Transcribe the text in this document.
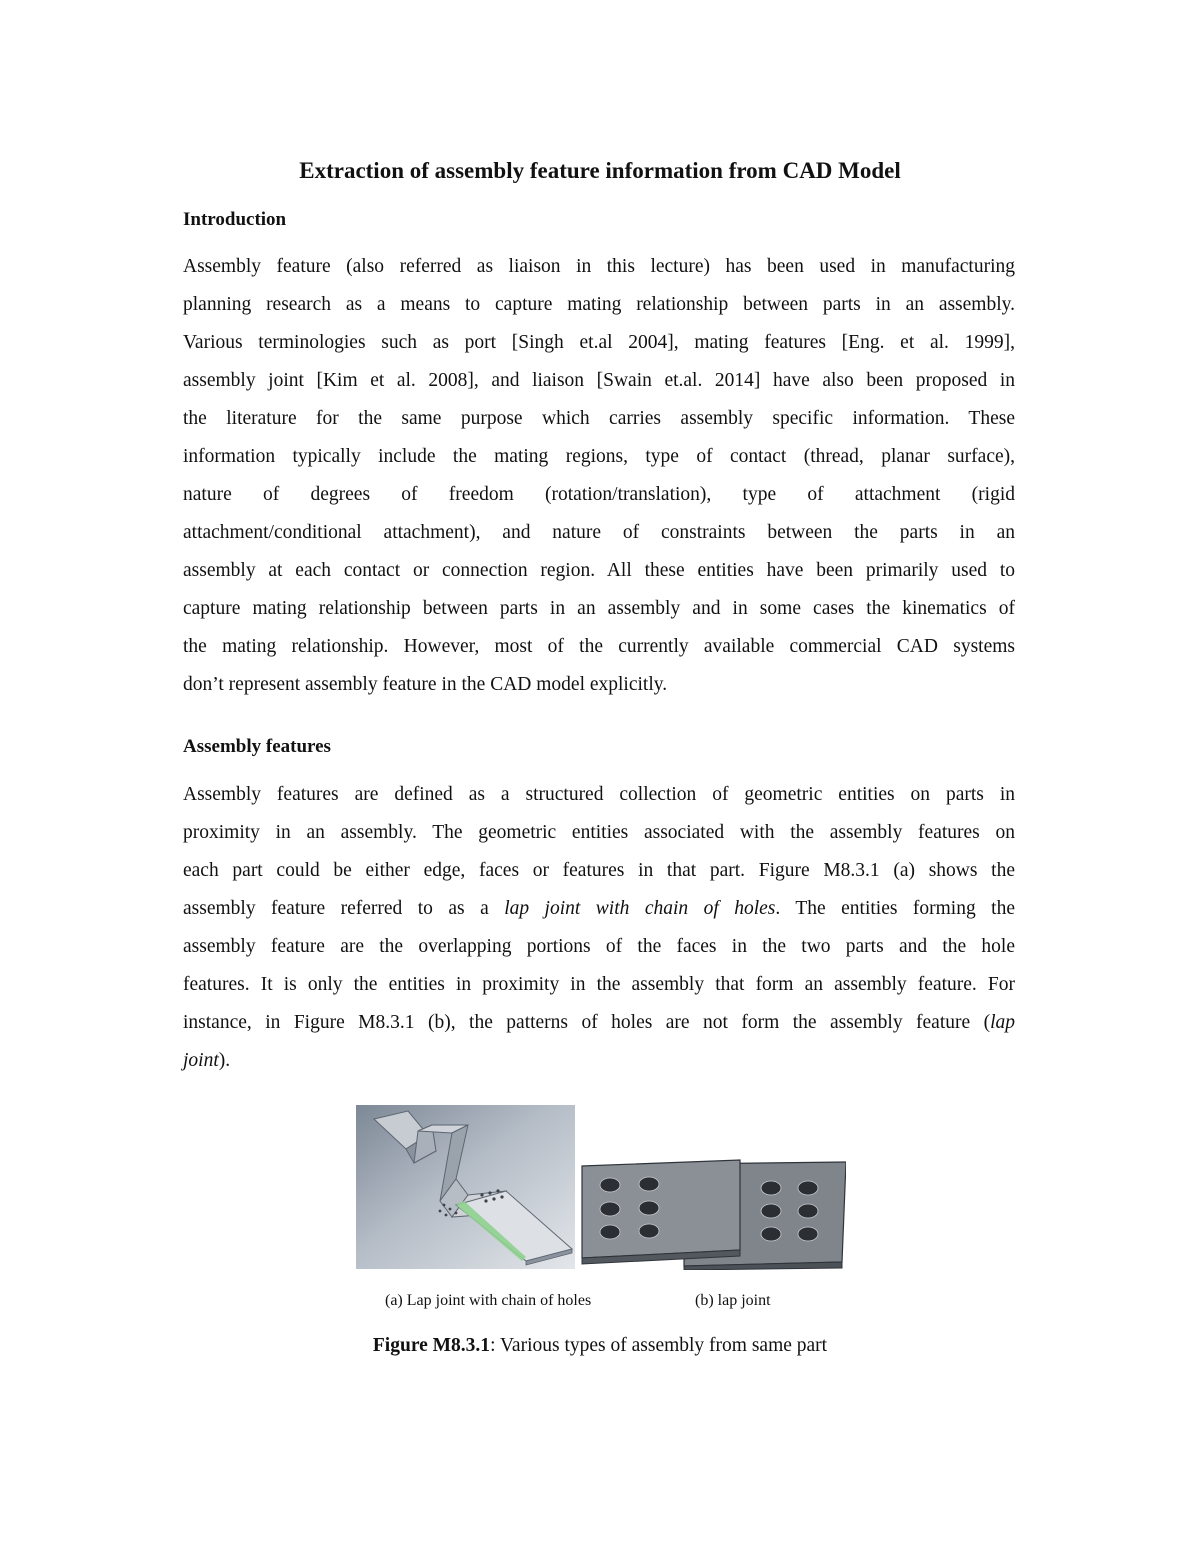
Extraction of assembly feature information from CAD Model
Introduction
Assembly feature (also referred as liaison in this lecture) has been used in manufacturing
planning research as a means to capture mating relationship between parts in an assembly.
Various terminologies such as port [Singh et.al 2004], mating features [Eng. et al. 1999],
assembly joint [Kim et al. 2008], and liaison [Swain et.al. 2014] have also been proposed in
the literature for the same purpose which carries assembly specific information. These
information typically include the mating regions, type of contact (thread, planar surface),
nature of degrees of freedom (rotation/translation), type of attachment (rigid
attachment/conditional attachment), and nature of constraints between the parts in an
assembly at each contact or connection region. All these entities have been primarily used to
capture mating relationship between parts in an assembly and in some cases the kinematics of
the mating relationship. However, most of the currently available commercial CAD systems
don’t represent assembly feature in the CAD model explicitly.
Assembly features
Assembly features are defined as a structured collection of geometric entities on parts in
proximity in an assembly. The geometric entities associated with the assembly features on
each part could be either edge, faces or features in that part. Figure M8.3.1 (a) shows the
assembly feature referred to as a lap joint with chain of holes. The entities forming the
assembly feature are the overlapping portions of the faces in the two parts and the hole
features. It is only the entities in proximity in the assembly that form an assembly feature. For
instance, in Figure M8.3.1 (b), the patterns of holes are not form the assembly feature (lap
joint).
(a) Lap joint with chain of holes	(b) lap joint

Figure M8.3.1: Various types of assembly from same part
